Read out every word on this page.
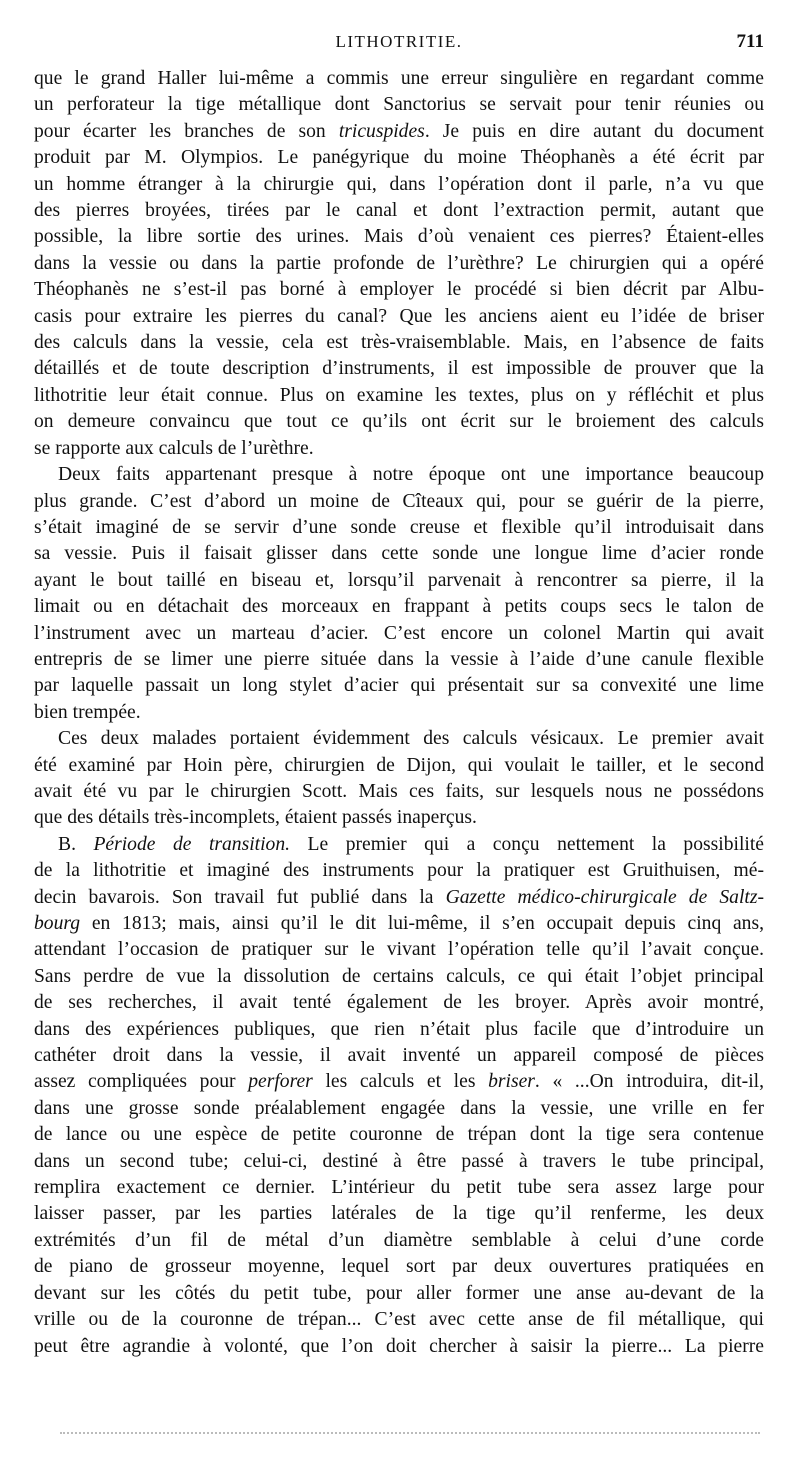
LITHOTRITIE.	711

que le grand Haller lui-même a commis une erreur singulière en regardant comme
un perforateur la tige métallique dont Sanctorius se servait pour tenir réunies ou
pour écarter les branches de son tricuspides. Je puis en dire autant du document
produit par M. Olympios. Le panégyrique du moine Théophanès a été écrit par
un homme étranger à la chirurgie qui, dans l’opération dont il parle, n’a vu que
des pierres broyées, tirées par le canal et dont l’extraction permit, autant que
possible, la libre sortie des urines. Mais d’où venaient ces pierres? Étaient-elles
dans la vessie ou dans la partie profonde de l’urèthre? Le chirurgien qui a opéré
Théophanès ne s’est-il pas borné à employer le procédé si bien décrit par Albu-
casis pour extraire les pierres du canal? Que les anciens aient eu l’idée de briser
des calculs dans la vessie, cela est très-vraisemblable. Mais, en l’absence de faits
détaillés et de toute description d’instruments, il est impossible de prouver que la
lithotritie leur était connue. Plus on examine les textes, plus on y réfléchit et plus
on demeure convaincu que tout ce qu’ils ont écrit sur le broiement des calculs
se rapporte aux calculs de l’urèthre.

Deux faits appartenant presque à notre époque ont une importance beaucoup
plus grande. C’est d’abord un moine de Cîteaux qui, pour se guérir de la pierre,
s’était imaginé de se servir d’une sonde creuse et flexible qu’il introduisait dans
sa vessie. Puis il faisait glisser dans cette sonde une longue lime d’acier ronde
ayant le bout taillé en biseau et, lorsqu’il parvenait à rencontrer sa pierre, il la
limait ou en détachait des morceaux en frappant à petits coups secs le talon de
l’instrument avec un marteau d’acier. C’est encore un colonel Martin qui avait
entrepris de se limer une pierre située dans la vessie à l’aide d’une canule flexible
par laquelle passait un long stylet d’acier qui présentait sur sa convexité une lime
bien trempée.

Ces deux malades portaient évidemment des calculs vésicaux. Le premier avait
été examiné par Hoin père, chirurgien de Dijon, qui voulait le tailler, et le second
avait été vu par le chirurgien Scott. Mais ces faits, sur lesquels nous ne possédons
que des détails très-incomplets, étaient passés inaperçus.

B. Période de transition. Le premier qui a conçu nettement la possibilité
de la lithotritie et imaginé des instruments pour la pratiquer est Gruithuisen, mé-
decin bavarois. Son travail fut publié dans la Gazette médico-chirurgicale de Saltz-
bourg en 1813; mais, ainsi qu’il le dit lui-même, il s’en occupait depuis cinq ans,
attendant l’occasion de pratiquer sur le vivant l’opération telle qu’il l’avait conçue.
Sans perdre de vue la dissolution de certains calculs, ce qui était l’objet principal
de ses recherches, il avait tenté également de les broyer. Après avoir montré,
dans des expériences publiques, que rien n’était plus facile que d’introduire un
cathéter droit dans la vessie, il avait inventé un appareil composé de pièces
assez compliquées pour perforer les calculs et les briser. « ...On introduira, dit-il,
dans une grosse sonde préalablement engagée dans la vessie, une vrille en fer
de lance ou une espèce de petite couronne de trépan dont la tige sera contenue
dans un second tube; celui-ci, destiné à être passé à travers le tube principal,
remplira exactement ce dernier. L’intérieur du petit tube sera assez large pour
laisser passer, par les parties latérales de la tige qu’il renferme, les deux
extrémités d’un fil de métal d’un diamètre semblable à celui d’une corde
de piano de grosseur moyenne, lequel sort par deux ouvertures pratiquées en
devant sur les côtés du petit tube, pour aller former une anse au-devant de la
vrille ou de la couronne de trépan... C’est avec cette anse de fil métallique, qui
peut être agrandie à volonté, que l’on doit chercher à saisir la pierre... La pierre
